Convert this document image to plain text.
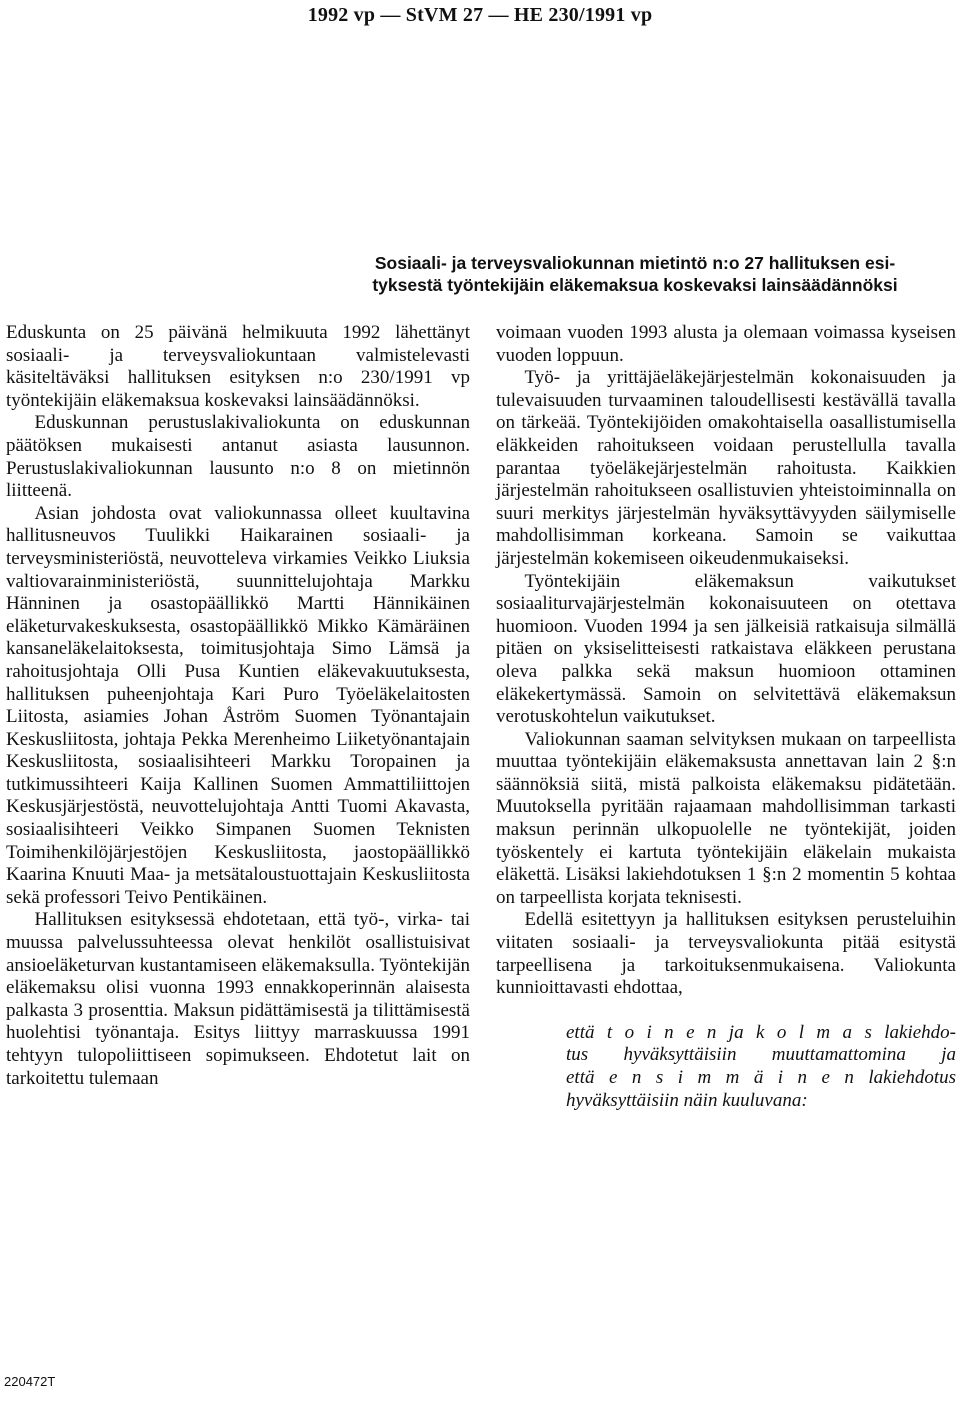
1992 vp — StVM 27 — HE 230/1991 vp
Sosiaali- ja terveysvaliokunnan mietintö n:o 27 hallituksen esi-
tyksestä työntekijäin eläkemaksua koskevaksi lainsäädännöksi

Eduskunta on 25 päivänä helmikuuta 1992 lähettänyt sosiaali- ja terveysvaliokuntaan valmistelevasti käsiteltäväksi hallituksen esityksen n:o 230/1991 vp työntekijäin eläkemaksua koskevaksi lainsäädännöksi.

Eduskunnan perustuslakivaliokunta on eduskunnan päätöksen mukaisesti antanut asiasta lausunnon. Perustuslakivaliokunnan lausunto n:o 8 on mietinnön liitteenä.

Asian johdosta ovat valiokunnassa olleet kuultavina hallitusneuvos Tuulikki Haikarainen sosiaali- ja terveysministeriöstä, neuvotteleva virkamies Veikko Liuksia valtiovarainministeriöstä, suunnittelujohtaja Markku Hänninen ja osastopäällikkö Martti Hännikäinen eläketurvakeskuksesta, osastopäällikkö Mikko Kämäräinen kansaneläkelaitoksesta, toimitusjohtaja Simo Lämsä ja rahoitusjohtaja Olli Pusa Kuntien eläkevakuutuksesta, hallituksen puheenjohtaja Kari Puro Työeläkelaitosten Liitosta, asiamies Johan Åström Suomen Työnantajain Keskusliitosta, johtaja Pekka Merenheimo Liiketyönantajain Keskusliitosta, sosiaalisihteeri Markku Toropainen ja tutkimussihteeri Kaija Kallinen Suomen Ammattiliittojen Keskusjärjestöstä, neuvottelujohtaja Antti Tuomi Akavasta, sosiaalisihteeri Veikko Simpanen Suomen Teknisten Toimihenkilöjärjestöjen Keskusliitosta, jaostopäällikkö Kaarina Knuuti Maa- ja metsätaloustuottajain Keskusliitosta sekä professori Teivo Pentikäinen.

Hallituksen esityksessä ehdotetaan, että työ-, virka- tai muussa palvelussuhteessa olevat henkilöt osallistuisivat ansioeläketurvan kustantamiseen eläkemaksulla. Työntekijän eläkemaksu olisi vuonna 1993 ennakkoperinnän alaisesta palkasta 3 prosenttia. Maksun pidättämisestä ja tilittämisestä huolehtisi työnantaja. Esitys liittyy marraskuussa 1991 tehtyyn tulopoliittiseen sopimukseen. Ehdotetut lait on tarkoitettu tulemaan

voimaan vuoden 1993 alusta ja olemaan voimassa kyseisen vuoden loppuun.

Työ- ja yrittäjäeläkejärjestelmän kokonaisuuden ja tulevaisuuden turvaaminen taloudellisesti kestävällä tavalla on tärkeää. Työntekijöiden omakohtaisella oasallistumisella eläkkeiden rahoitukseen voidaan perustellulla tavalla parantaa työeläkejärjestelmän rahoitusta. Kaikkien järjestelmän rahoitukseen osallistuvien yhteistoiminnalla on suuri merkitys järjestelmän hyväksyttävyyden säilymiselle mahdollisimman korkeana. Samoin se vaikuttaa järjestelmän kokemiseen oikeudenmukaiseksi.

Työntekijäin eläkemaksun vaikutukset sosiaaliturvajärjestelmän kokonaisuuteen on otettava huomioon. Vuoden 1994 ja sen jälkeisiä ratkaisuja silmällä pitäen on yksiselitteisesti ratkaistava eläkkeen perustana oleva palkka sekä maksun huomioon ottaminen eläkekertymässä. Samoin on selvitettävä eläkemaksun verotuskohtelun vaikutukset.

Valiokunnan saaman selvityksen mukaan on tarpeellista muuttaa työntekijäin eläkemaksusta annettavan lain 2 §:n säännöksiä siitä, mistä palkoista eläkemaksu pidätetään. Muutoksella pyritään rajaamaan mahdollisimman tarkasti maksun perinnän ulkopuolelle ne työntekijät, joiden työskentely ei kartuta työntekijäin eläkelain mukaista eläkettä. Lisäksi lakiehdotuksen 1 §:n 2 momentin 5 kohtaa on tarpeellista korjata teknisesti.

Edellä esitettyyn ja hallituksen esityksen perusteluihin viitaten sosiaali- ja terveysvaliokunta pitää esitystä tarpeellisena ja tarkoituksenmukaisena. Valiokunta kunnioittavasti ehdottaa,

että t o i n e n ja k o l m a s lakiehdo-
tus hyväksyttäisiin muuttamattomina ja
että e n s i m m ä i n e n lakiehdotus
hyväksyttäisiin näin kuuluvana:
220472T
